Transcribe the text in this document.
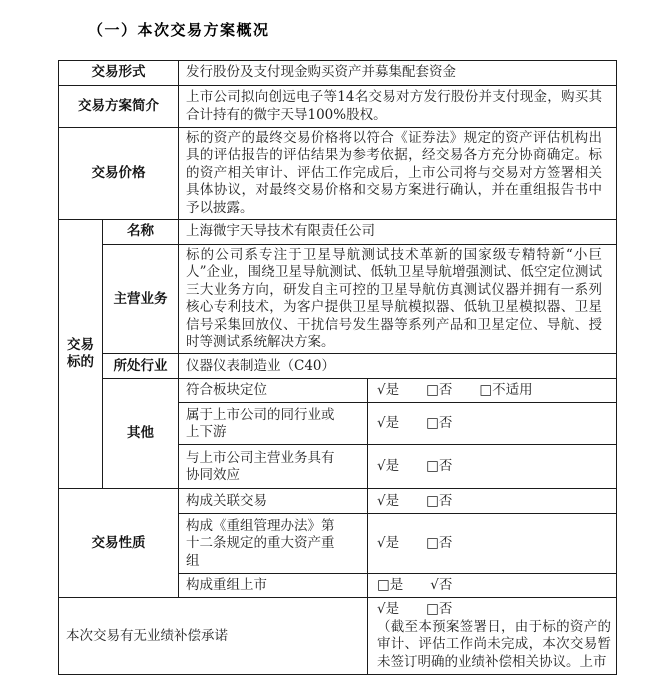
（一）本次交易方案概况
交易形式		发行股份及支付现金购买资产并募集配套资金	
交易方案简介		上市公司拟向创远电子等14名交易对方发行股份并支付现金，购买其合计持有的微宇天导100%股权。	
交易价格		标的资产的最终交易价格将以符合《证券法》规定的资产评估机构出具的评估报告的评估结果为参考依据，经交易各方充分协商确定。标的资产相关审计、评估工作完成后，上市公司将与交易对方签署相关具体协议，对最终交易价格和交易方案进行确认，并在重组报告书中予以披露。	
交易标的	名称	上海微宇天导技术有限责任公司	
	主营业务	标的公司系专注于卫星导航测试技术革新的国家级专精特新“小巨人”企业，围绕卫星导航测试、低轨卫星导航增强测试、低空定位测试三大业务方向，研发自主可控的卫星导航仿真测试仪器并拥有一系列核心专利技术，为客户提供卫星导航模拟器、低轨卫星模拟器、卫星信号采集回放仪、干扰信号发生器等系列产品和卫星定位、导航、授时等测试系统解决方案。	
	所处行业	仪器仪表制造业（C40）	
	其他	符合板块定位	√是　　□否　　□不适用
		属于上市公司的同行业或上下游	√是　　□否
		与上市公司主营业务具有协同效应	√是　　□否
交易性质		构成关联交易	√是　　□否
		构成《重组管理办法》第十二条规定的重大资产重组	√是　　□否
		构成重组上市	□是　　√否
本次交易有无业绩补偿承诺			√是　　□否
（截至本预案签署日，由于标的资产的审计、评估工作尚未完成，本次交易暂未签订明确的业绩补偿相关协议。上市
